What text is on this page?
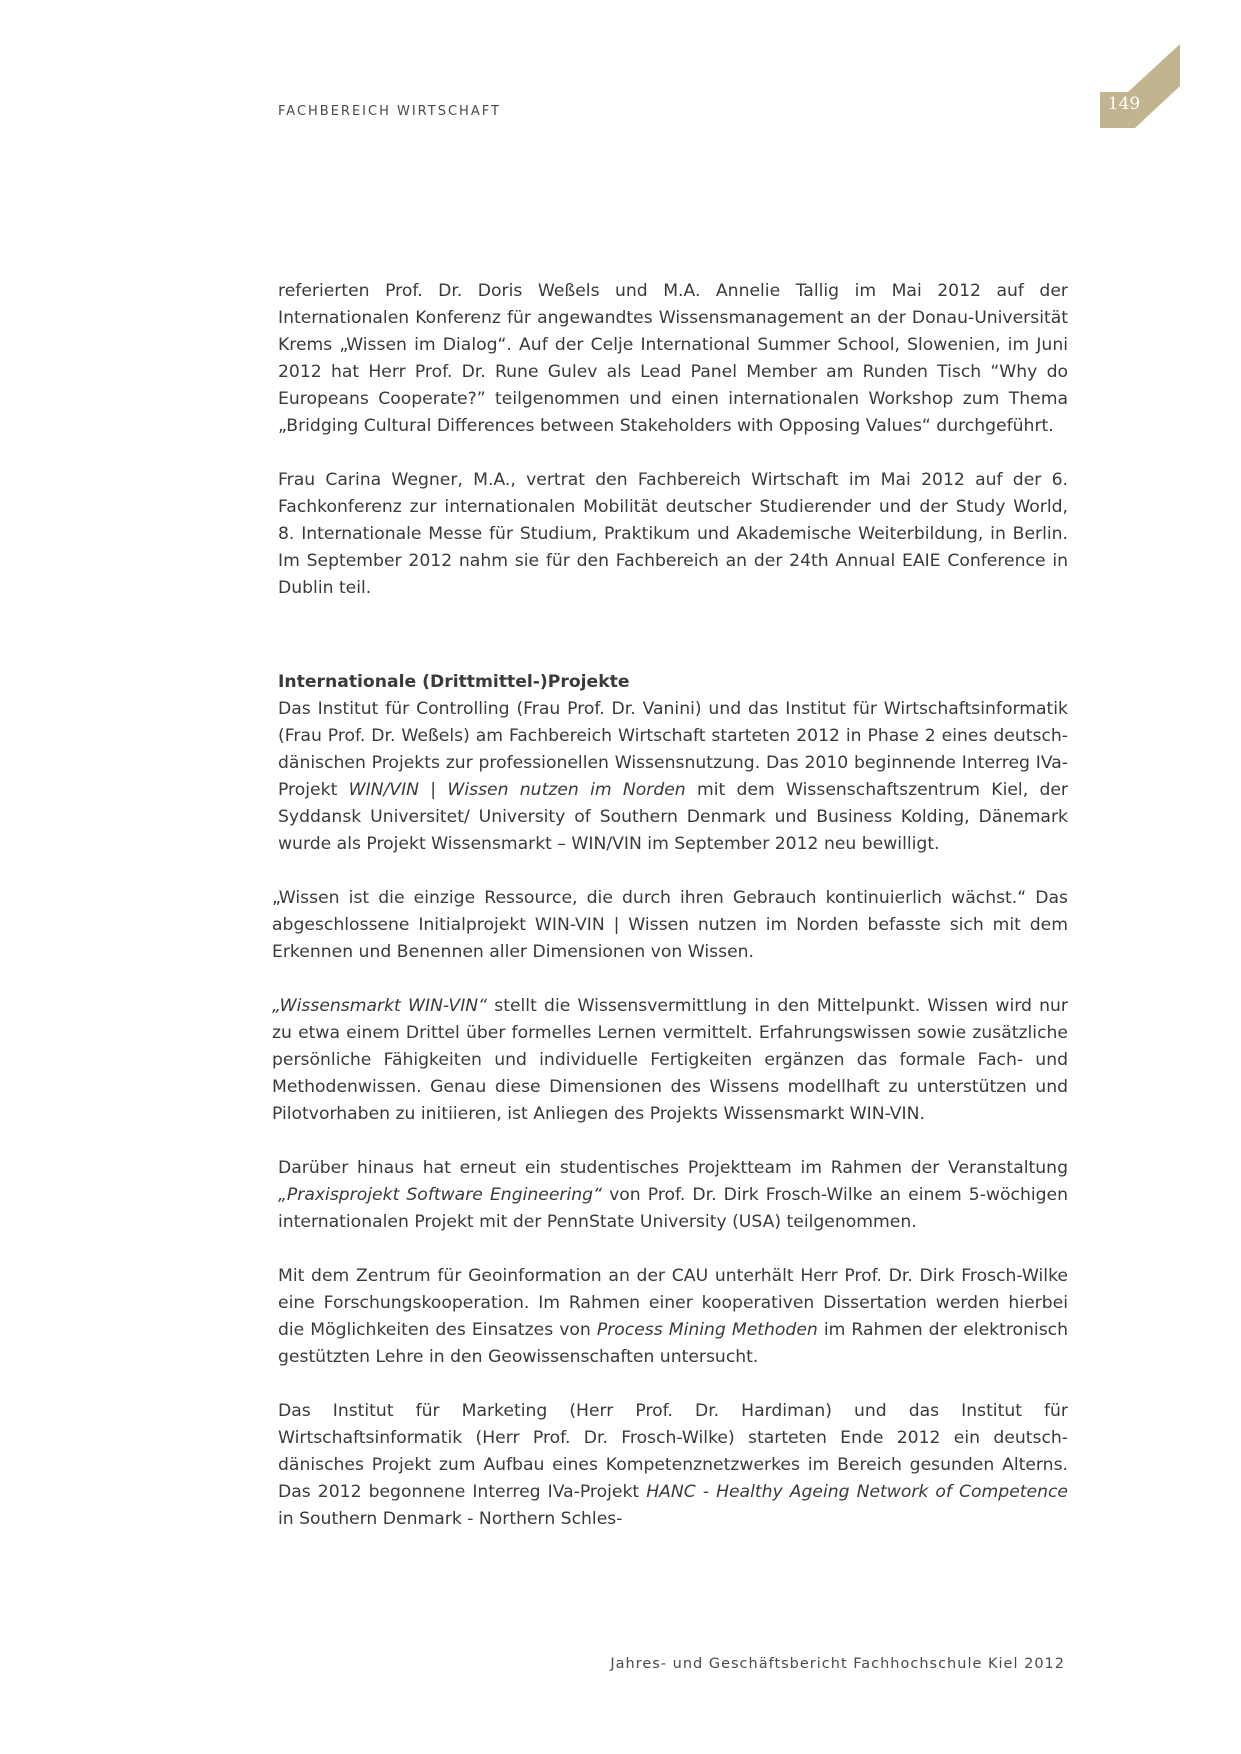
FACHBEREICH WIRTSCHAFT	149

referierten Prof. Dr. Doris Weßels und M.A. Annelie Tallig im Mai 2012 auf der Internationalen Konferenz für angewandtes Wissensmanagement an der Donau-Universität Krems „Wissen im Dialog“. Auf der Celje International Summer School, Slowenien, im Juni 2012 hat Herr Prof. Dr. Rune Gulev als Lead Panel Member am Runden Tisch “Why do Europeans Cooperate?” teilgenommen und einen internationalen Workshop zum Thema „Bridging Cultural Differences between Stakeholders with Opposing Values“ durchgeführt.

Frau Carina Wegner, M.A., vertrat den Fachbereich Wirtschaft im Mai 2012 auf der 6. Fachkonferenz zur internationalen Mobilität deutscher Studierender und der Study World, 8. Internationale Messe für Studium, Praktikum und Akademische Weiterbildung, in Berlin. Im September 2012 nahm sie für den Fachbereich an der 24th Annual EAIE Conference in Dublin teil.

Internationale (Drittmittel-)Projekte

Das Institut für Controlling (Frau Prof. Dr. Vanini) und das Institut für Wirtschaftsinformatik (Frau Prof. Dr. Weßels) am Fachbereich Wirtschaft starteten 2012 in Phase 2 eines deutsch-dänischen Projekts zur professionellen Wissensnutzung. Das 2010 beginnende Interreg IVa-Projekt WIN/VIN | Wissen nutzen im Norden mit dem Wissenschaftszentrum Kiel, der Syddansk Universitet/ University of Southern Denmark und Business Kolding, Dänemark wurde als Projekt Wissensmarkt – WIN/VIN im September 2012 neu bewilligt.

„Wissen ist die einzige Ressource, die durch ihren Gebrauch kontinuierlich wächst.“ Das abgeschlossene Initialprojekt WIN-VIN | Wissen nutzen im Norden befasste sich mit dem Erkennen und Benennen aller Dimensionen von Wissen.

„Wissensmarkt WIN-VIN“ stellt die Wissensvermittlung in den Mittelpunkt. Wissen wird nur zu etwa einem Drittel über formelles Lernen vermittelt. Erfahrungswissen sowie zusätzliche persönliche Fähigkeiten und individuelle Fertigkeiten ergänzen das formale Fach- und Methodenwissen. Genau diese Dimensionen des Wissens modellhaft zu unterstützen und Pilotvorhaben zu initiieren, ist Anliegen des Projekts Wissensmarkt WIN-VIN.

Darüber hinaus hat erneut ein studentisches Projektteam im Rahmen der Veranstaltung „Praxisprojekt Software Engineering“ von Prof. Dr. Dirk Frosch-Wilke an einem 5-wöchigen internationalen Projekt mit der PennState University (USA) teilgenommen.

Mit dem Zentrum für Geoinformation an der CAU unterhält Herr Prof. Dr. Dirk Frosch-Wilke eine Forschungskooperation. Im Rahmen einer kooperativen Dissertation werden hierbei die Möglichkeiten des Einsatzes von Process Mining Methoden im Rahmen der elektronisch gestützten Lehre in den Geowissenschaften untersucht.

Das Institut für Marketing (Herr Prof. Dr. Hardiman) und das Institut für Wirtschaftsinformatik (Herr Prof. Dr. Frosch-Wilke) starteten Ende 2012 ein deutsch-dänisches Projekt zum Aufbau eines Kompetenznetzwerkes im Bereich gesunden Alterns. Das 2012 begonnene Interreg IVa-Projekt HANC - Healthy Ageing Network of Competence in Southern Denmark - Northern Schles-

Jahres- und Geschäftsbericht Fachhochschule Kiel 2012
